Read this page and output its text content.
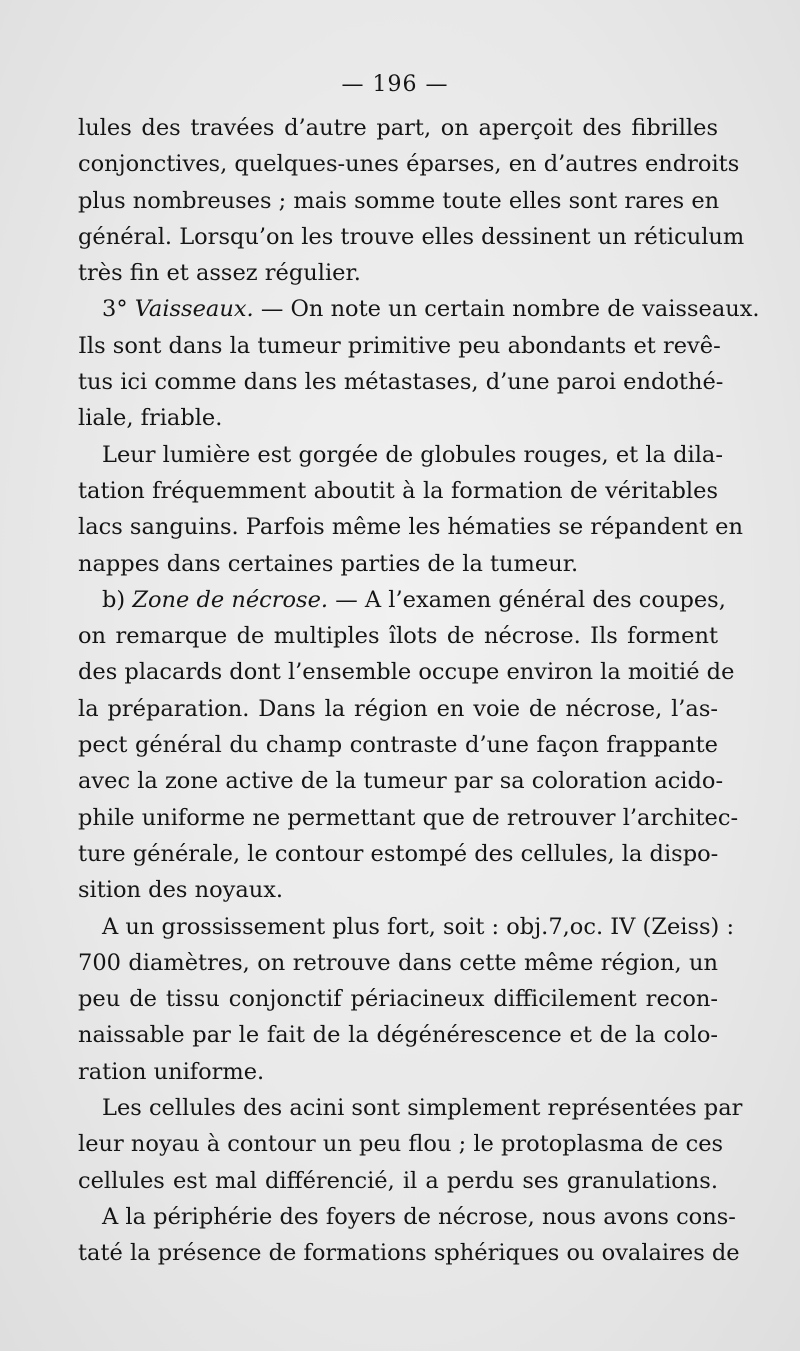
— 196 —
lules des travées d’autre part, on aperçoit des fibrilles
conjonctives, quelques-unes éparses, en d’autres endroits
plus nombreuses ; mais somme toute elles sont rares en
général. Lorsqu’on les trouve elles dessinent un réticulum
très fin et assez régulier.
3° Vaisseaux. — On note un certain nombre de vaisseaux.
Ils sont dans la tumeur primitive peu abondants et revê-
tus ici comme dans les métastases, d’une paroi endothé-
liale, friable.
Leur lumière est gorgée de globules rouges, et la dila-
tation fréquemment aboutit à la formation de véritables
lacs sanguins. Parfois même les hématies se répandent en
nappes dans certaines parties de la tumeur.
b) Zone de nécrose. — A l’examen général des coupes,
on remarque de multiples îlots de nécrose. Ils forment
des placards dont l’ensemble occupe environ la moitié de
la préparation. Dans la région en voie de nécrose, l’as-
pect général du champ contraste d’une façon frappante
avec la zone active de la tumeur par sa coloration acido-
phile uniforme ne permettant que de retrouver l’architec-
ture générale, le contour estompé des cellules, la dispo-
sition des noyaux.
A un grossissement plus fort, soit : obj.7,oc. IV (Zeiss) :
700 diamètres, on retrouve dans cette même région, un
peu de tissu conjonctif périacineux difficilement recon-
naissable par le fait de la dégénérescence et de la colo-
ration uniforme.
Les cellules des acini sont simplement représentées par
leur noyau à contour un peu flou ; le protoplasma de ces
cellules est mal différencié, il a perdu ses granulations.
A la périphérie des foyers de nécrose, nous avons cons-
taté la présence de formations sphériques ou ovalaires de
